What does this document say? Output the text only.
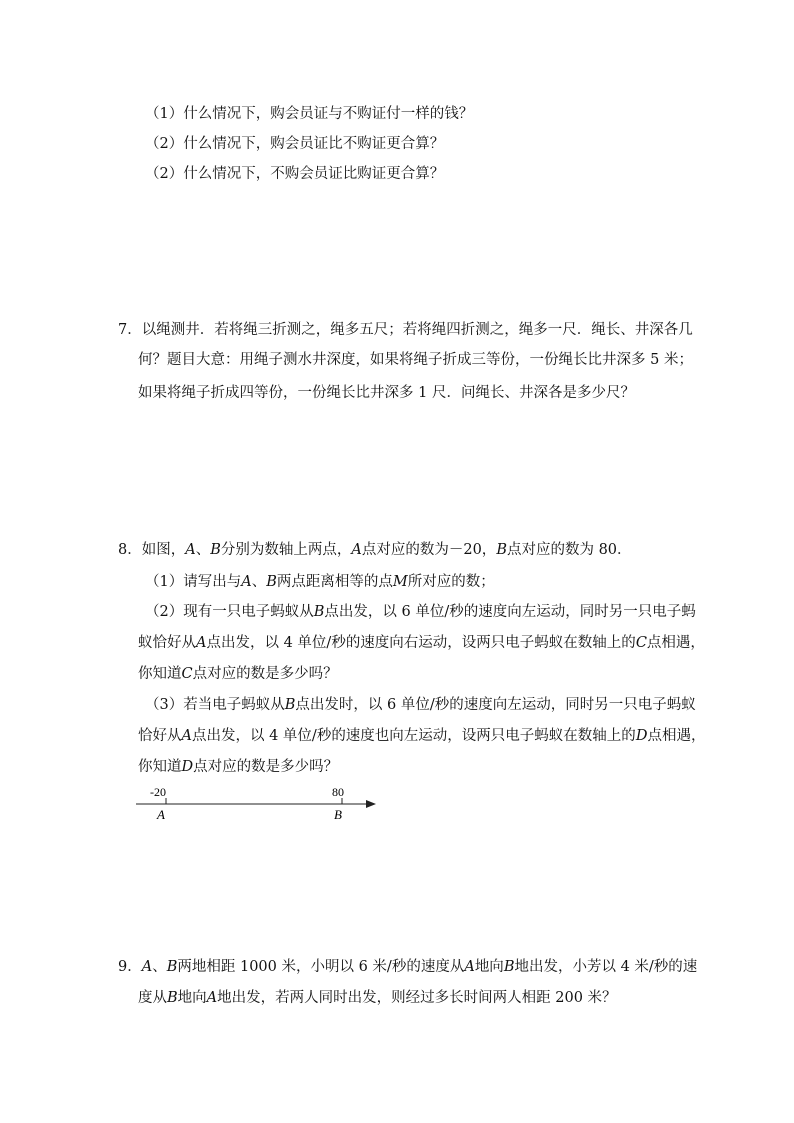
（1）什么情况下，购会员证与不购证付一样的钱？
（2）什么情况下，购会员证比不购证更合算？
（2）什么情况下，不购会员证比购证更合算？
7．以绳测井．若将绳三折测之，绳多五尺；若将绳四折测之，绳多一尺．绳长、井深各几
何？题目大意：用绳子测水井深度，如果将绳子折成三等份，一份绳长比井深多 5 米；
如果将绳子折成四等份，一份绳长比井深多 1 尺．问绳长、井深各是多少尺？
8．如图，A、B分别为数轴上两点，A点对应的数为－20，B点对应的数为 80．
（1）请写出与A、B两点距离相等的点M所对应的数；
（2）现有一只电子蚂蚁从B点出发，以 6 单位/秒的速度向左运动，同时另一只电子蚂
蚁恰好从A点出发，以 4 单位/秒的速度向右运动，设两只电子蚂蚁在数轴上的C点相遇，
你知道C点对应的数是多少吗？
（3）若当电子蚂蚁从B点出发时，以 6 单位/秒的速度向左运动，同时另一只电子蚂蚁
恰好从A点出发，以 4 单位/秒的速度也向左运动，设两只电子蚂蚁在数轴上的D点相遇，
你知道D点对应的数是多少吗？
-20	80
A	B
9．A、B两地相距 1000 米，小明以 6 米/秒的速度从A地向B地出发，小芳以 4 米/秒的速
度从B地向A地出发，若两人同时出发，则经过多长时间两人相距 200 米？
